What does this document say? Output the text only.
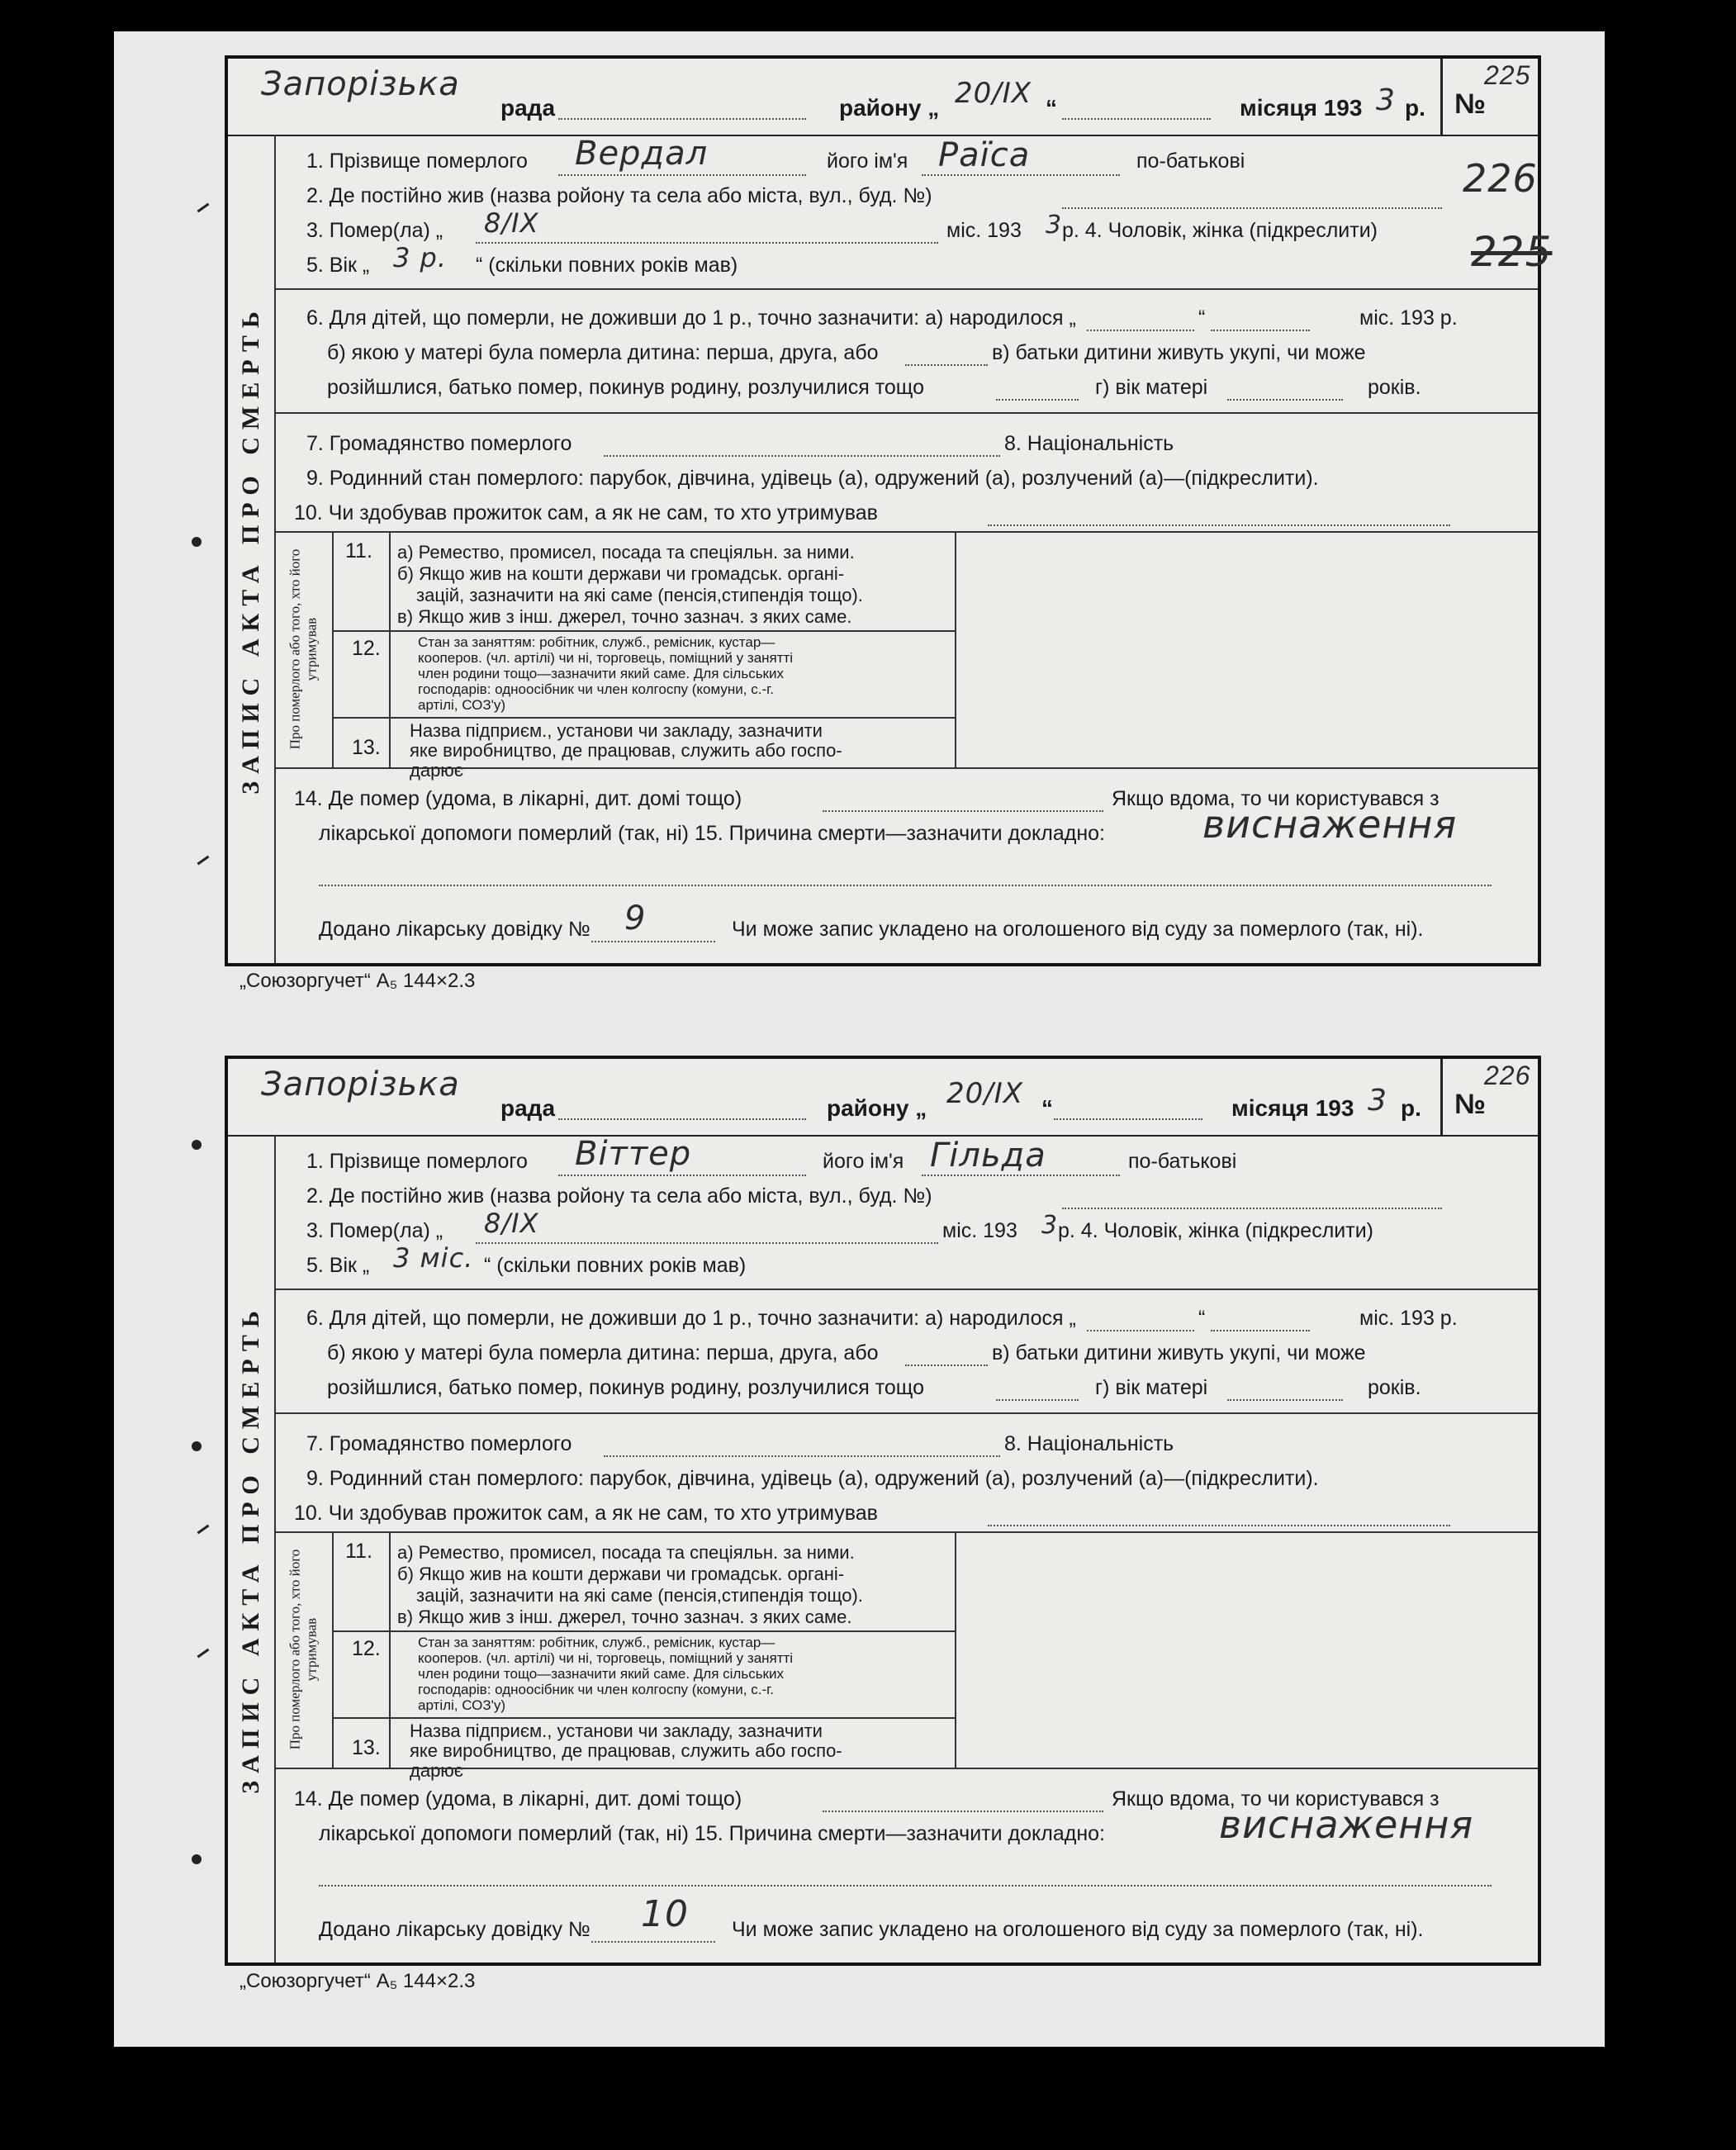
Запорізька
рада	району „ 20/IX “	місяця 193 3 р. №
225
226
225
ЗАПИС АКТА ПРО СМЕРТЬ
1. Прізвище померлого Вердал	його ім'я Раїса	по-батькові
2. Де постійно жив (назва ройону та села або міста, вул., буд. №)
3. Помер(ла) „ 8/IX	міс. 193 3 р. 4. Чоловік, жінка (підкреслити)
5. Вік „ 3 р. “ (скільки повних років мав)
6. Для дітей, що померли, не доживши до 1 р., точно зазначити: а) народилося „	“	міс. 193 р.
б) якою у матері була померла дитина: перша, друга, або	в) батьки дитини живуть укупі, чи може
розійшлися, батько помер, покинув родину, розлучилися тощо	г) вік матері	років.
7. Громадянство померлого	8. Національність
9. Родинний стан померлого: парубок, дівчина, удівець (а), одружений (а), розлучений (а)—(підкреслити).
10. Чи здобував прожиток сам, а як не сам, то хто утримував
Про померлого або того, хто його утримував
11. а) Ремество, промисел, посада та спеціяльн. за ними.
б) Якщо жив на кошти держави чи громадськ. органі-
зацій, зазначити на які саме (пенсія,стипендія тощо).
в) Якщо жив з інш. джерел, точно зазнач. з яких саме.
12.	Стан за заняттям: робітник, служб., ремісник, кустар—
кооперов. (чл. артілі) чи ні, торговець, поміщний у занятті
член родини тощо—зазначити який саме. Для сільських
господарів: одноосібник чи член колгоспу (комуни, с.-г.
артілі, СОЗ'у)
13.
Назва підприєм., установи чи закладу, зазначити
яке виробництво, де працював, служить або госпо-
дарює
14. Де помер (удома, в лікарні, дит. домі тощо)	Якщо вдома, то чи користувався з
лікарської допомоги померлий (так, ні) 15. Причина смерти—зазначити докладно:	виснаження
Додано лікарську довідку № 9	Чи може запис укладено на оголошеного від суду за померлого (так, ні).
„Союзоргучет“ А₅ 144×2.3
Запорізька
рада	району „ 20/IX “	місяця 193 3 р. №
226
ЗАПИС АКТА ПРО СМЕРТЬ
1. Прізвище померлого Віттер	його ім'я Гільда	по-батькові
2. Де постійно жив (назва ройону та села або міста, вул., буд. №)
3. Помер(ла) „ 8/IX	міс. 193 3 р. 4. Чоловік, жінка (підкреслити)
5. Вік „ 3 міс. “ (скільки повних років мав)
6. Для дітей, що померли, не доживши до 1 р., точно зазначити: а) народилося „	“	міс. 193 р.
б) якою у матері була померла дитина: перша, друга, або	в) батьки дитини живуть укупі, чи може
розійшлися, батько помер, покинув родину, розлучилися тощо	г) вік матері	років.
7. Громадянство померлого	8. Національність
9. Родинний стан померлого: парубок, дівчина, удівець (а), одружений (а), розлучений (а)—(підкреслити).
10. Чи здобував прожиток сам, а як не сам, то хто утримував
Про померлого або того, хто його утримував
11. а) Ремество, промисел, посада та спеціяльн. за ними.
б) Якщо жив на кошти держави чи громадськ. органі-
зацій, зазначити на які саме (пенсія,стипендія тощо).
в) Якщо жив з інш. джерел, точно зазнач. з яких саме.
12.	Стан за заняттям: робітник, служб., ремісник, кустар—
кооперов. (чл. артілі) чи ні, торговець, поміщний у занятті
член родини тощо—зазначити який саме. Для сільських
господарів: одноосібник чи член колгоспу (комуни, с.-г.
артілі, СОЗ'у)
13.
Назва підприєм., установи чи закладу, зазначити
яке виробництво, де працював, служить або госпо-
дарює
14. Де помер (удома, в лікарні, дит. домі тощо)	Якщо вдома, то чи користувався з
лікарської допомоги померлий (так, ні) 15. Причина смерти—зазначити докладно:	виснаження
Додано лікарську довідку № 10 Чи може запис укладено на оголошеного від суду за померлого (так, ні).
„Союзоргучет“ А₅ 144×2.3
